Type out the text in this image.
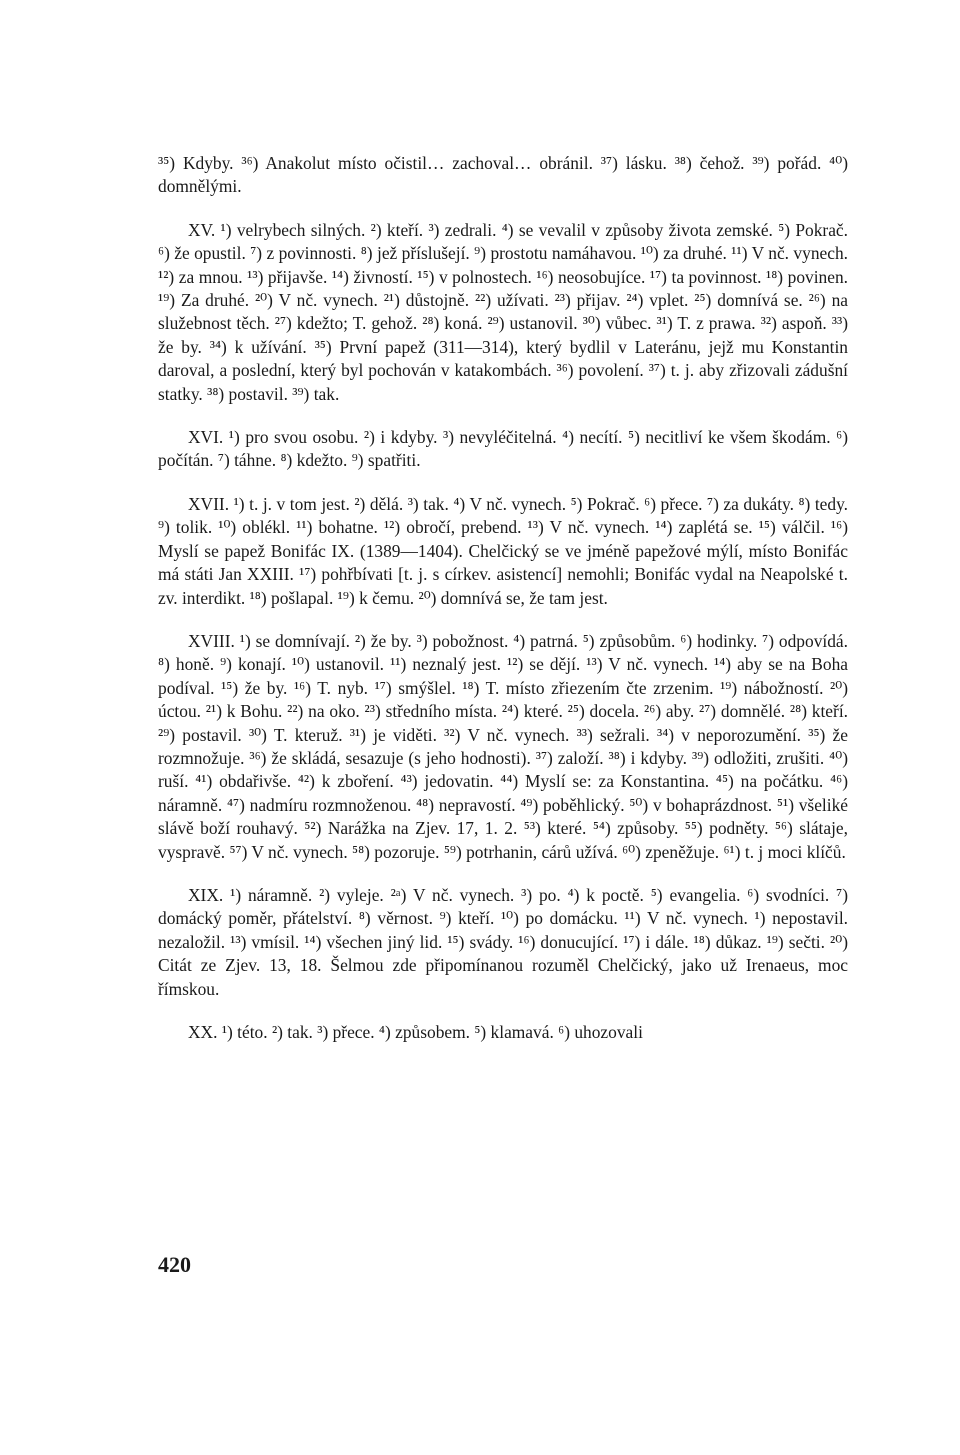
³⁵) Kdyby. ³⁶) Anakolut místo očistil… zachoval… obránil. ³⁷) lásku. ³⁸) čehož. ³⁹) pořád. ⁴⁰) domnělými.

XV. ¹) velrybech silných. ²) kteří. ³) zedrali. ⁴) se vevalil v způsoby života zemské. ⁵) Pokrač. ⁶) že opustil. ⁷) z povinnosti. ⁸) jež příslušejí. ⁹) prostotu namáhavou. ¹⁰) za druhé. ¹¹) V nč. vynech. ¹²) za mnou. ¹³) přijavše. ¹⁴) živností. ¹⁵) v polnostech. ¹⁶) neosobujíce. ¹⁷) ta povinnost. ¹⁸) povinen. ¹⁹) Za druhé. ²⁰) V nč. vynech. ²¹) důstojně. ²²) užívati. ²³) přijav. ²⁴) vplet. ²⁵) domnívá se. ²⁶) na služebnost těch. ²⁷) kdežto; T. gehož. ²⁸) koná. ²⁹) ustanovil. ³⁰) vůbec. ³¹) T. z prawa. ³²) aspoň. ³³) že by. ³⁴) k užívání. ³⁵) První papež (311—314), který bydlil v Lateránu, jejž mu Konstantin daroval, a poslední, který byl pochován v katakombách. ³⁶) povolení. ³⁷) t. j. aby zřizovali zádušní statky. ³⁸) postavil. ³⁹) tak.

XVI. ¹) pro svou osobu. ²) i kdyby. ³) nevyléčitelná. ⁴) necítí. ⁵) necitliví ke všem škodám. ⁶) počítán. ⁷) táhne. ⁸) kdežto. ⁹) spatřiti.

XVII. ¹) t. j. v tom jest. ²) dělá. ³) tak. ⁴) V nč. vynech. ⁵) Pokrač. ⁶) přece. ⁷) za dukáty. ⁸) tedy. ⁹) tolik. ¹⁰) oblékl. ¹¹) bohatne. ¹²) obročí, prebend. ¹³) V nč. vynech. ¹⁴) zaplétá se. ¹⁵) válčil. ¹⁶) Myslí se papež Bonifác IX. (1389—1404). Chelčický se ve jméně papežové mýlí, místo Bonifác má státi Jan XXIII. ¹⁷) pohřbívati [t. j. s církev. asistencí] nemohli; Bonifác vydal na Neapolské t. zv. interdikt. ¹⁸) pošlapal. ¹⁹) k čemu. ²⁰) domnívá se, že tam jest.

XVIII. ¹) se domnívají. ²) že by. ³) pobožnost. ⁴) patrná. ⁵) způsobům. ⁶) hodinky. ⁷) odpovídá. ⁸) honě. ⁹) konají. ¹⁰) ustanovil. ¹¹) neznalý jest. ¹²) se dějí. ¹³) V nč. vynech. ¹⁴) aby se na Boha podíval. ¹⁵) že by. ¹⁶) T. nyb. ¹⁷) smýšlel. ¹⁸) T. místo zřiezením čte zrzenim. ¹⁹) nábožností. ²⁰) úctou. ²¹) k Bohu. ²²) na oko. ²³) středního místa. ²⁴) které. ²⁵) docela. ²⁶) aby. ²⁷) domnělé. ²⁸) kteří. ²⁹) postavil. ³⁰) T. kteruž. ³¹) je viděti. ³²) V nč. vynech. ³³) sežrali. ³⁴) v neporozumění. ³⁵) že rozmnožuje. ³⁶) že skládá, sesazuje (s jeho hodnosti). ³⁷) založí. ³⁸) i kdyby. ³⁹) odložiti, zrušiti. ⁴⁰) ruší. ⁴¹) obdařivše. ⁴²) k zboření. ⁴³) jedovatin. ⁴⁴) Myslí se: za Konstantina. ⁴⁵) na počátku. ⁴⁶) náramně. ⁴⁷) nadmíru rozmnoženou. ⁴⁸) nepravostí. ⁴⁹) poběhlický. ⁵⁰) v bohaprázdnost. ⁵¹) všeliké slávě boží rouhavý. ⁵²) Narážka na Zjev. 17, 1. 2. ⁵³) které. ⁵⁴) způsoby. ⁵⁵) podněty. ⁵⁶) slátaje, vyspravě. ⁵⁷) V nč. vynech. ⁵⁸) pozoruje. ⁵⁹) potrhanin, cárů užívá. ⁶⁰) zpeněžuje. ⁶¹) t. j moci klíčů.

XIX. ¹) náramně. ²) vyleje. ²ᵃ) V nč. vynech. ³) po. ⁴) k poctě. ⁵) evangelia. ⁶) svodníci. ⁷) domácký poměr, přátelství. ⁸) věrnost. ⁹) kteří. ¹⁰) po domácku. ¹¹) V nč. vynech. ¹) nepostavil. nezaložil. ¹³) vmísil. ¹⁴) všechen jiný lid. ¹⁵) svády. ¹⁶) donucující. ¹⁷) i dále. ¹⁸) důkaz. ¹⁹) sečti. ²⁰) Citát ze Zjev. 13, 18. Šelmou zde připomínanou rozuměl Chelčický, jako už Irenaeus, moc římskou.

XX. ¹) této. ²) tak. ³) přece. ⁴) způsobem. ⁵) klamavá. ⁶) uhozovali

420
